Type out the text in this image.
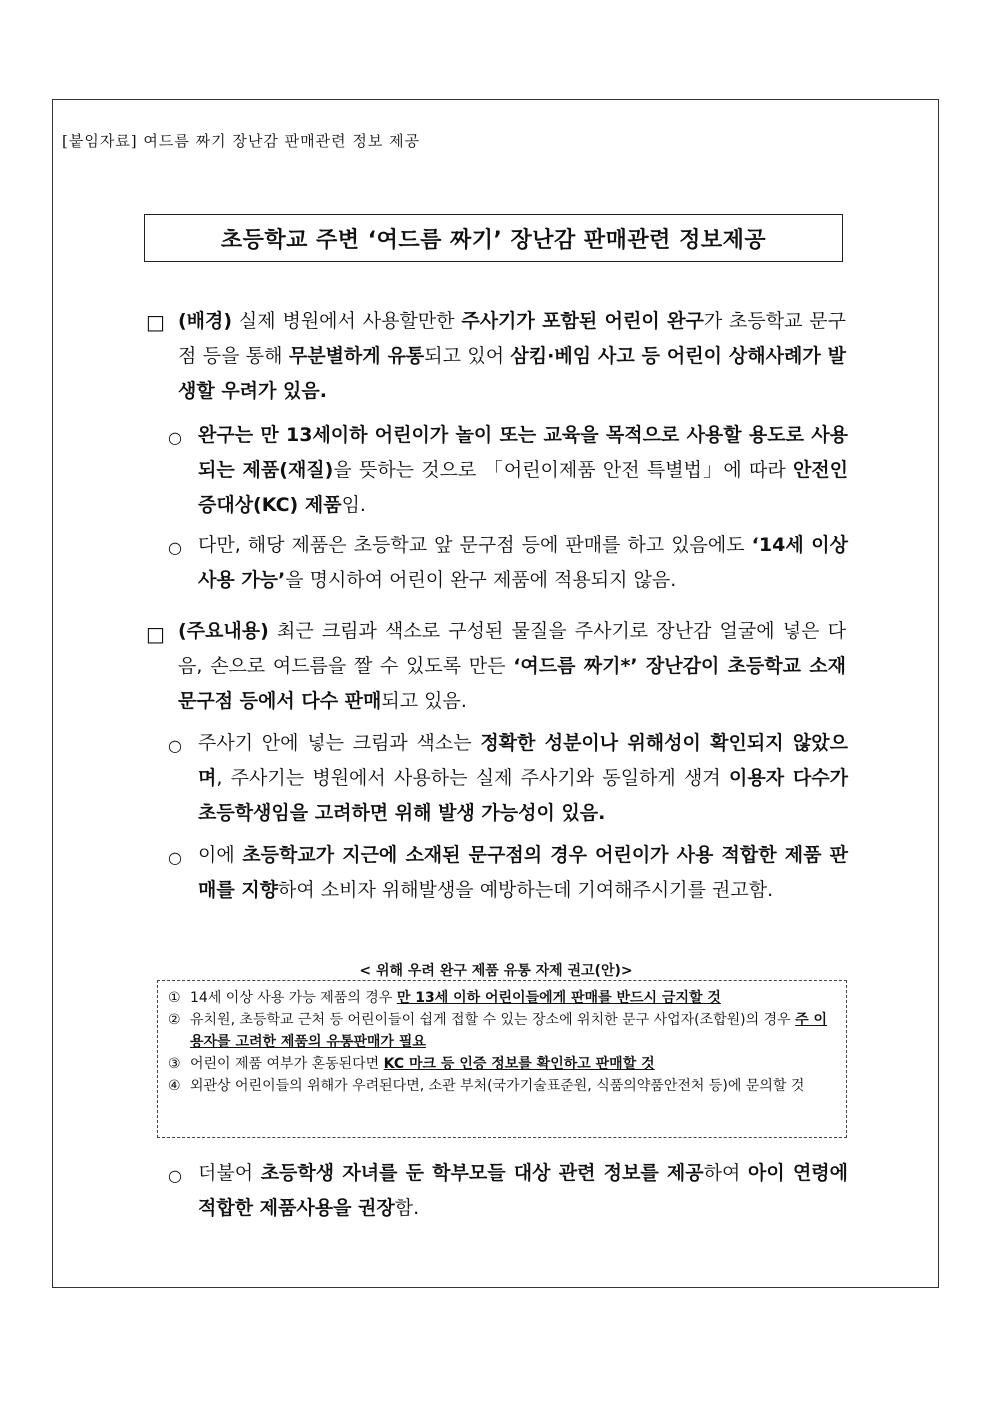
[붙임자료] 여드름 짜기 장난감 판매관련 정보 제공
초등학교 주변 ‘여드름 짜기’ 장난감 판매관련 정보제공
□ (배경) 실제 병원에서 사용할만한 주사기가 포함된 어린이 완구가 초등학교 문구점 등을 통해 무분별하게 유통되고 있어 삼킴·베임 사고 등 어린이 상해사례가 발생할 우려가 있음.
○ 완구는 만 13세이하 어린이가 놀이 또는 교육을 목적으로 사용할 용도로 사용되는 제품(재질)을 뜻하는 것으로 「어린이제품 안전 특별법」에 따라 안전인증대상(KC) 제품임.
○ 다만, 해당 제품은 초등학교 앞 문구점 등에 판매를 하고 있음에도 ‘14세 이상 사용 가능’을 명시하여 어린이 완구 제품에 적용되지 않음.
□ (주요내용) 최근 크림과 색소로 구성된 물질을 주사기로 장난감 얼굴에 넣은 다음, 손으로 여드름을 짤 수 있도록 만든 ‘여드름 짜기*’ 장난감이 초등학교 소재 문구점 등에서 다수 판매되고 있음.
○ 주사기 안에 넣는 크림과 색소는 정확한 성분이나 위해성이 확인되지 않았으며, 주사기는 병원에서 사용하는 실제 주사기와 동일하게 생겨 이용자 다수가 초등학생임을 고려하면 위해 발생 가능성이 있음.
○ 이에 초등학교가 지근에 소재된 문구점의 경우 어린이가 사용 적합한 제품 판매를 지향하여 소비자 위해발생을 예방하는데 기여해주시기를 권고함.
< 위해 우려 완구 제품 유통 자제 권고(안)>
① 14세 이상 사용 가능 제품의 경우 만 13세 이하 어린이들에게 판매를 반드시 금지할 것
② 유치원, 초등학교 근처 등 어린이들이 쉽게 접할 수 있는 장소에 위치한 문구 사업자(조합원)의 경우 주 이용자를 고려한 제품의 유통판매가 필요
③ 어린이 제품 여부가 혼동된다면 KC 마크 등 인증 정보를 확인하고 판매할 것
④ 외관상 어린이들의 위해가 우려된다면, 소관 부처(국가기술표준원, 식품의약품안전처 등)에 문의할 것
○ 더불어 초등학생 자녀를 둔 학부모들 대상 관련 정보를 제공하여 아이 연령에 적합한 제품사용을 권장함.
